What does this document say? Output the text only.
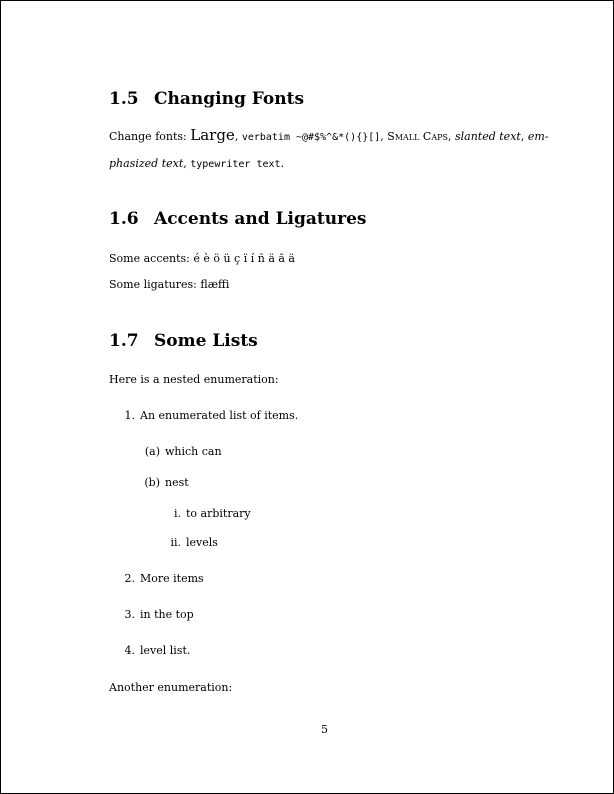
1.5 Changing Fonts
Change fonts: Large, verbatim ~@#$%^&*(){}[], Small Caps, slanted text, em-
phasized text, typewriter text.
1.6 Accents and Ligatures
Some accents: é è ö ü ç ï í ñ ä ă ä
Some ligatures: flæffi
1.7 Some Lists
Here is a nested enumeration:
1. An enumerated list of items.
(a) which can
(b) nest
i. to arbitrary
ii. levels
2. More items
3. in the top
4. level list.
Another enumeration:
5
